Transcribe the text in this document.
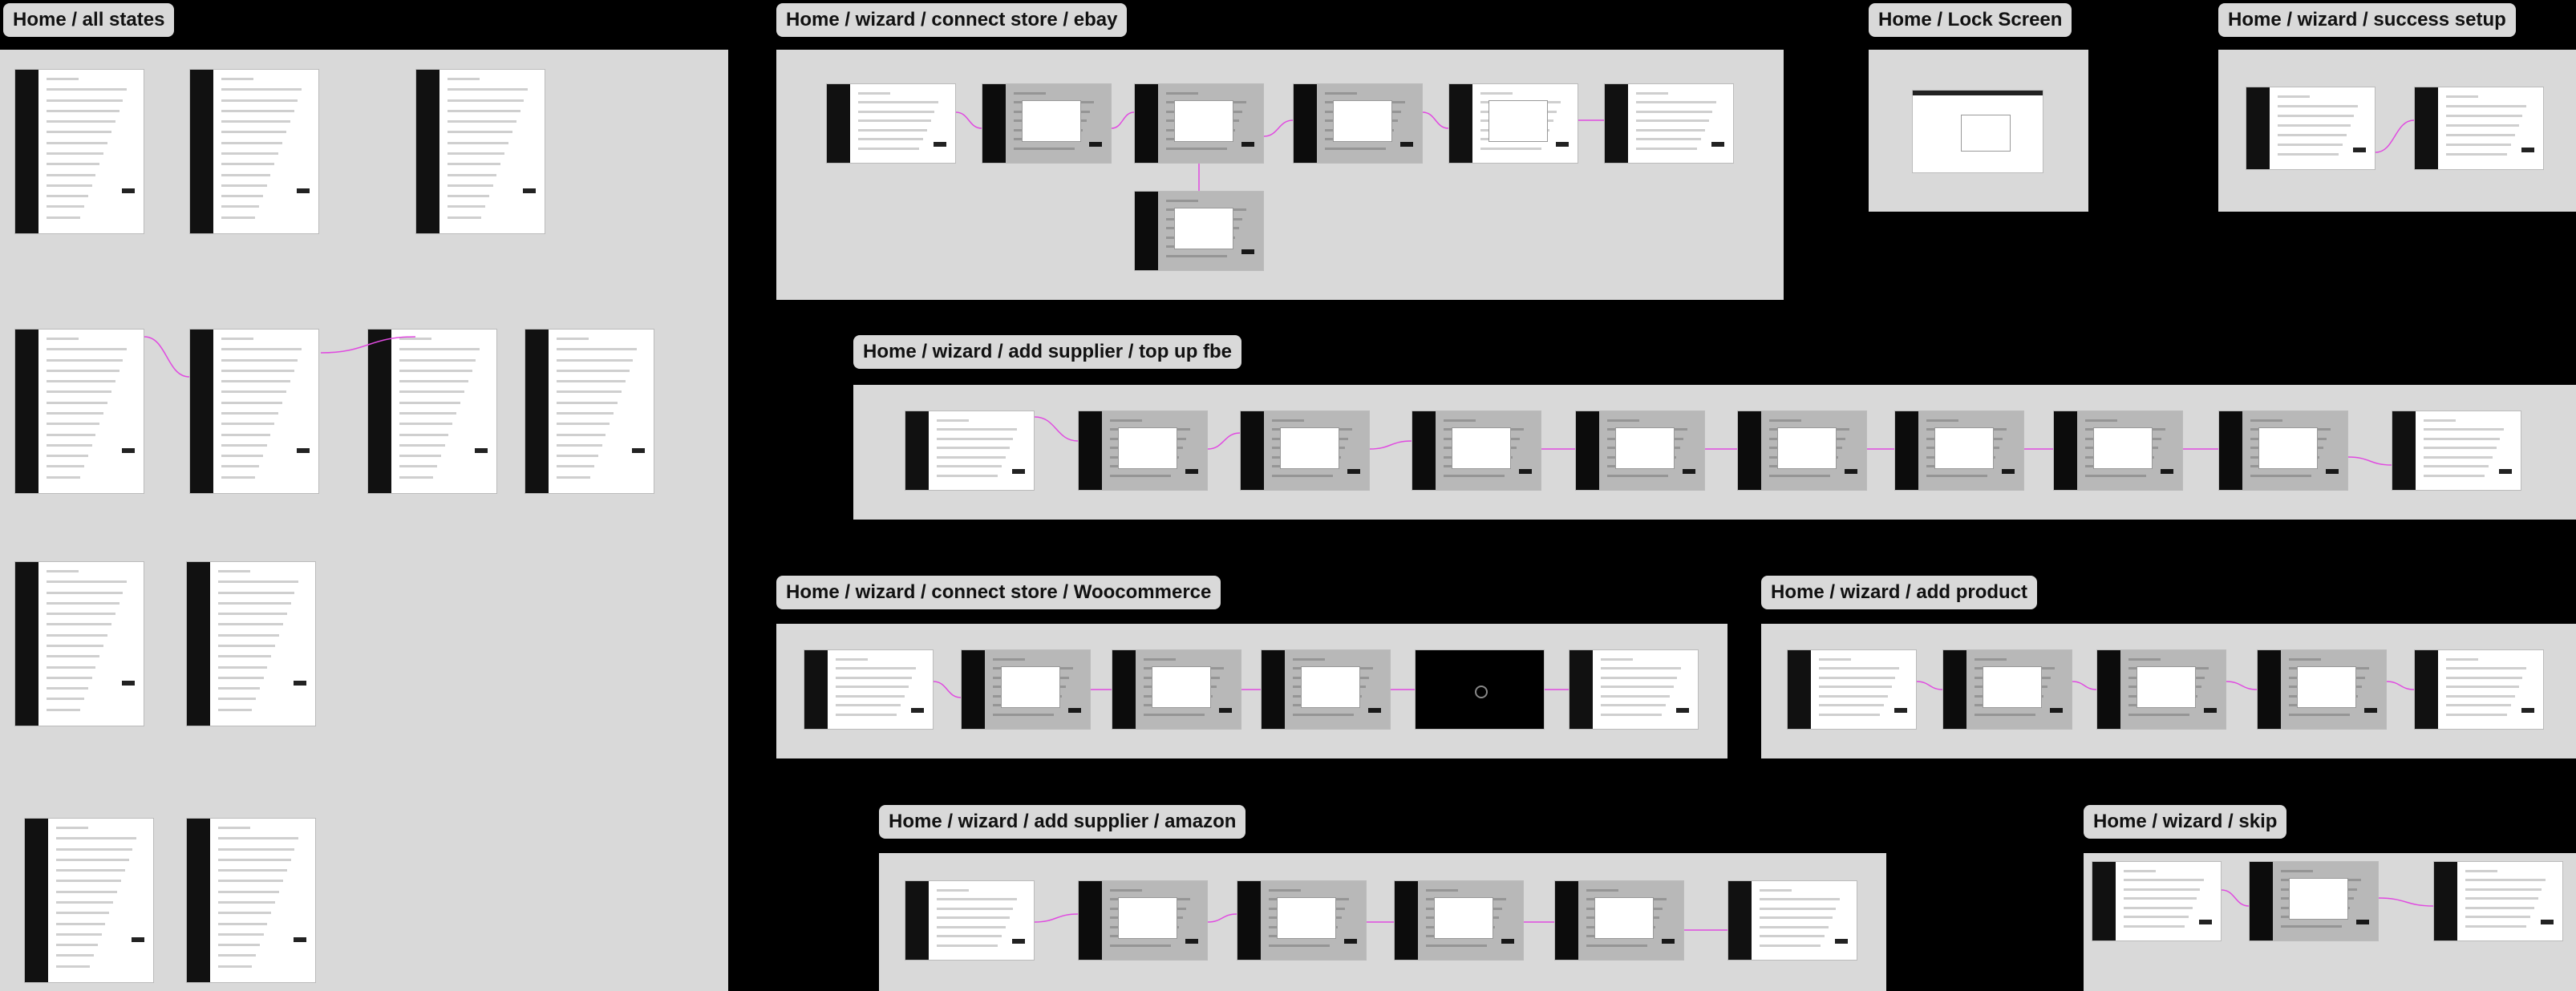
Home / all states	Home / wizard / connect store / ebay	Home / Lock Screen	Home / wizard / success setup
Home / wizard / add supplier / top up fbe
Home / wizard / connect store / Woocommerce	Home / wizard / add product
Home / wizard / add supplier / amazon	Home / wizard / skip
